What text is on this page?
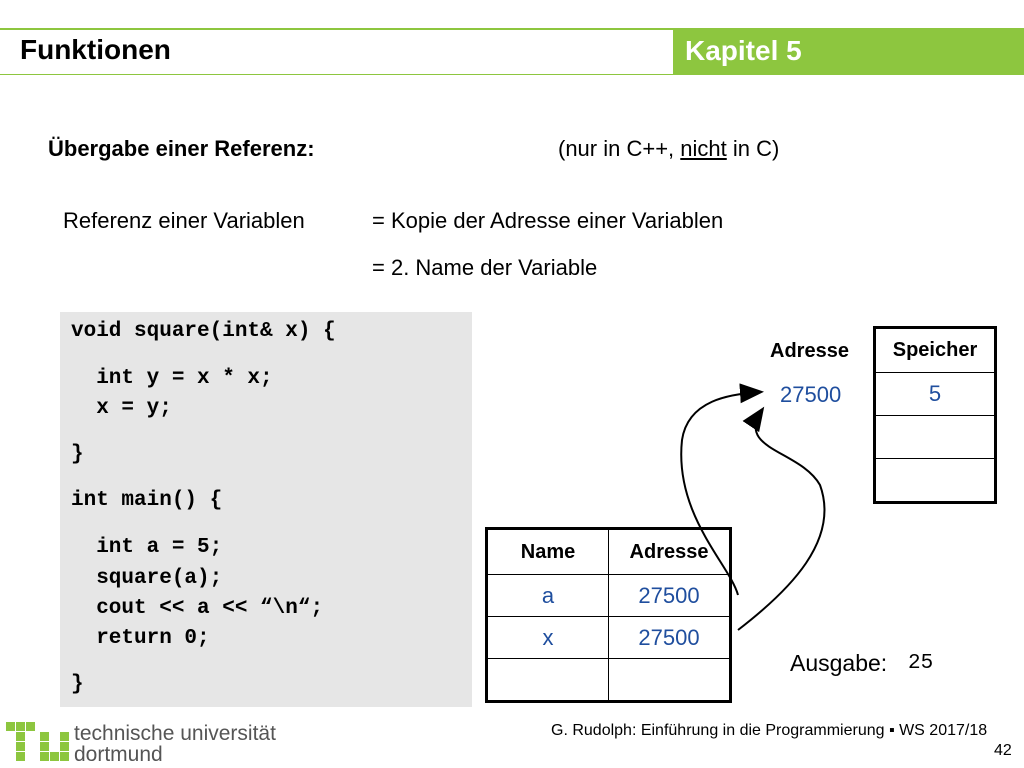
Funktionen	Kapitel 5
Übergabe einer Referenz:	(nur in C++, nicht in C)
Referenz einer Variablen	= Kopie der Adresse einer Variablen
= 2. Name der Variable
void square(int& x) {
int y = x * x;
x = y;
}
int main() {
int a = 5;
square(a);
cout << a << “\n“;
return 0;
}
Adresse
27500
Speicher
5

Name	Adresse
a	27500
x	27500

Ausgabe: 25
technische universität
dortmund
G. Rudolph: Einführung in die Programmierung ▪ WS 2017/18
42
